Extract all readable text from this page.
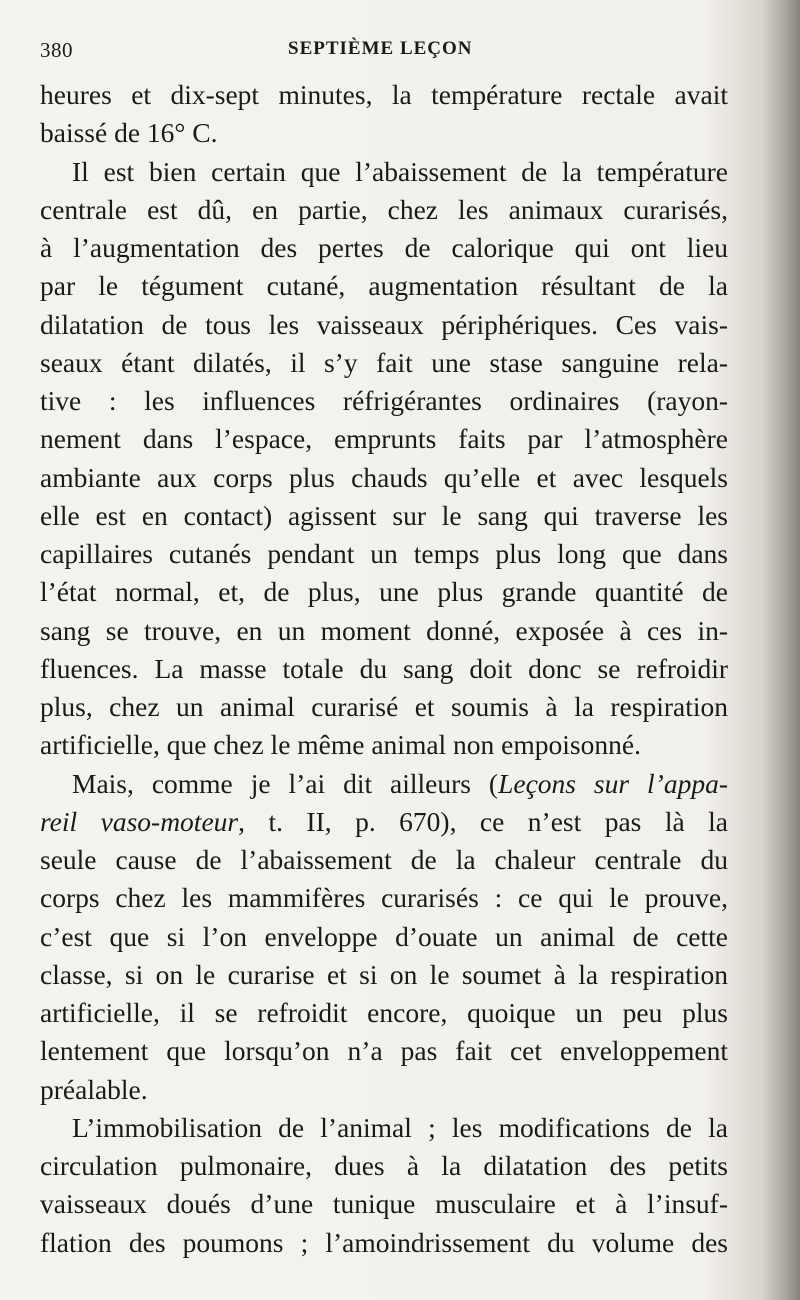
380	SEPTIÈME LEÇON
heures et dix-sept minutes, la température rectale avait
baissé de 16° C.
Il est bien certain que l’abaissement de la température
centrale est dû, en partie, chez les animaux curarisés,
à l’augmentation des pertes de calorique qui ont lieu
par le tégument cutané, augmentation résultant de la
dilatation de tous les vaisseaux périphériques. Ces vais-
seaux étant dilatés, il s’y fait une stase sanguine rela-
tive : les influences réfrigérantes ordinaires (rayon-
nement dans l’espace, emprunts faits par l’atmosphère
ambiante aux corps plus chauds qu’elle et avec lesquels
elle est en contact) agissent sur le sang qui traverse les
capillaires cutanés pendant un temps plus long que dans
l’état normal, et, de plus, une plus grande quantité de
sang se trouve, en un moment donné, exposée à ces in-
fluences. La masse totale du sang doit donc se refroidir
plus, chez un animal curarisé et soumis à la respiration
artificielle, que chez le même animal non empoisonné.
Mais, comme je l’ai dit ailleurs (Leçons sur l’appa-
reil vaso-moteur, t. II, p. 670), ce n’est pas là la
seule cause de l’abaissement de la chaleur centrale du
corps chez les mammifères curarisés : ce qui le prouve,
c’est que si l’on enveloppe d’ouate un animal de cette
classe, si on le curarise et si on le soumet à la respiration
artificielle, il se refroidit encore, quoique un peu plus
lentement que lorsqu’on n’a pas fait cet enveloppement
préalable.
L’immobilisation de l’animal ; les modifications de la
circulation pulmonaire, dues à la dilatation des petits
vaisseaux doués d’une tunique musculaire et à l’insuf-
flation des poumons ; l’amoindrissement du volume des
